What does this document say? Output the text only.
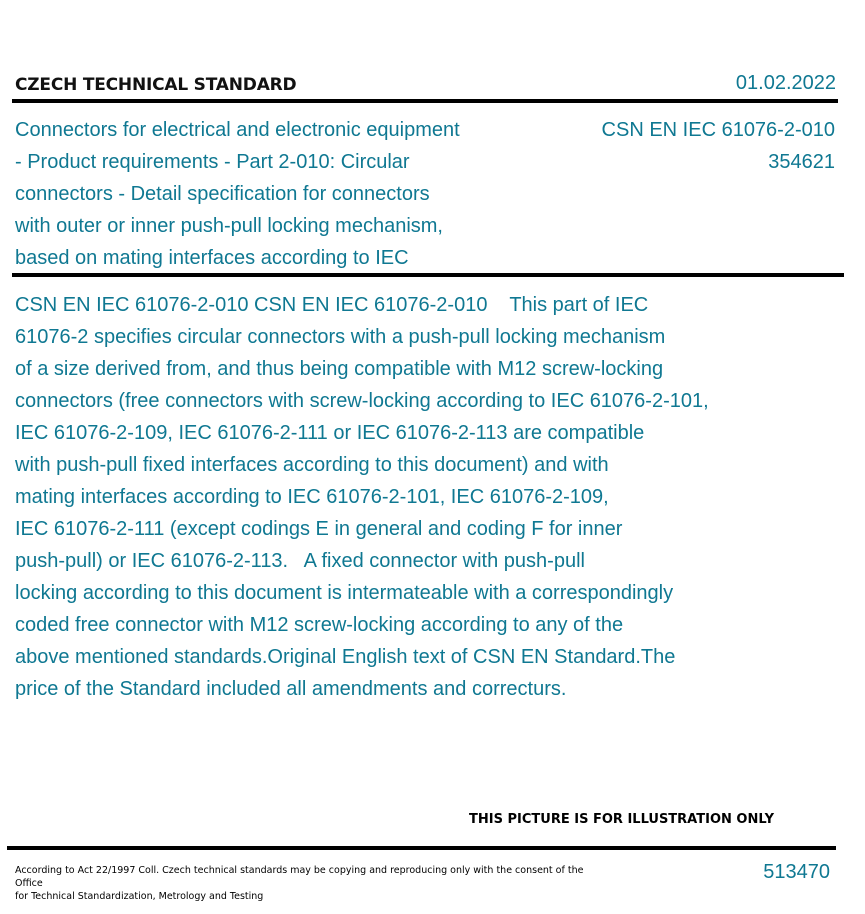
CZECH TECHNICAL STANDARD	01.02.2022
Connectors for electrical and electronic equipment
- Product requirements - Part 2-010: Circular
connectors - Detail specification for connectors
with outer or inner push-pull locking mechanism,
based on mating interfaces according to IEC
CSN EN IEC 61076-2-010
354621
CSN EN IEC 61076-2-010 CSN EN IEC 61076-2-010    This part of IEC
61076-2 specifies circular connectors with a push-pull locking mechanism
of a size derived from, and thus being compatible with M12 screw-locking
connectors (free connectors with screw-locking according to IEC 61076-2-101,
IEC 61076-2-109, IEC 61076-2-111 or IEC 61076-2-113 are compatible
with push-pull fixed interfaces according to this document) and with
mating interfaces according to IEC 61076-2-101, IEC 61076-2-109,
IEC 61076-2-111 (except codings E in general and coding F for inner
push-pull) or IEC 61076-2-113.   A fixed connector with push-pull
locking according to this document is intermateable with a correspondingly
coded free connector with M12 screw-locking according to any of the
above mentioned standards.Original English text of CSN EN Standard.The
price of the Standard included all amendments and correcturs.
THIS PICTURE IS FOR ILLUSTRATION ONLY
According to Act 22/1997 Coll. Czech technical standards may be copying and reproducing only with the consent of the Office
for Technical Standardization, Metrology and Testing
513470
